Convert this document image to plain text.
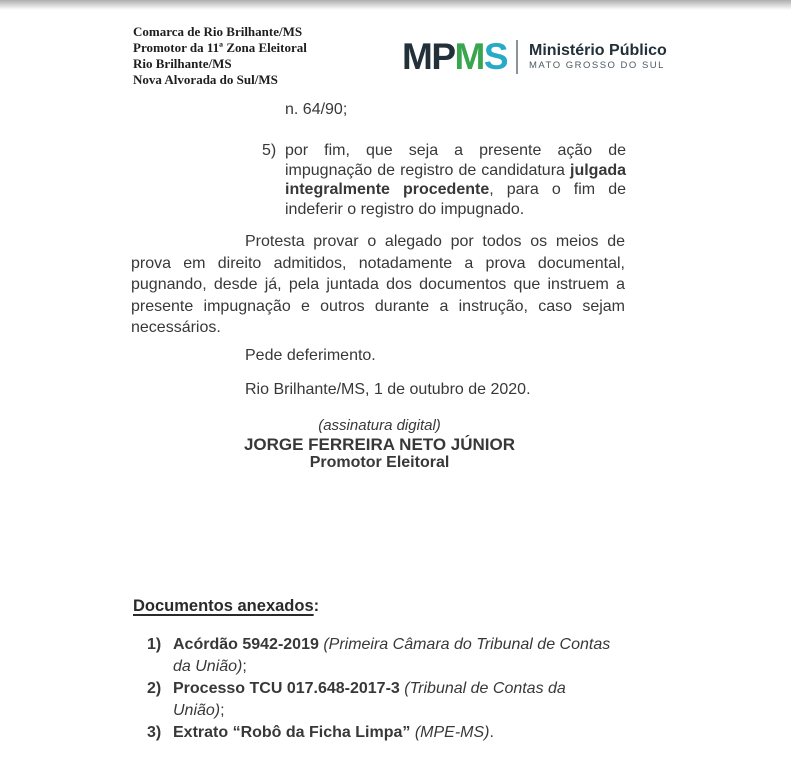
Comarca de Rio Brilhante/MS
Promotor da 11ª Zona Eleitoral
Rio Brilhante/MS
Nova Alvorada do Sul/MS
MPMS Ministério Público
MATO GROSSO DO SUL
n. 64/90;
5) por fim, que seja a presente ação de impugnação de registro de candidatura julgada integralmente procedente, para o fim de indeferir o registro do impugnado.
Protesta provar o alegado por todos os meios de prova em direito admitidos, notadamente a prova documental, pugnando, desde já, pela juntada dos documentos que instruem a presente impugnação e outros durante a instrução, caso sejam necessários.
Pede deferimento.
Rio Brilhante/MS, 1 de outubro de 2020.
(assinatura digital)
JORGE FERREIRA NETO JÚNIOR
Promotor Eleitoral
Documentos anexados:
1) Acórdão 5942-2019 (Primeira Câmara do Tribunal de Contas da União);
2) Processo TCU 017.648-2017-3 (Tribunal de Contas da União);
3) Extrato “Robô da Ficha Limpa” (MPE-MS).
